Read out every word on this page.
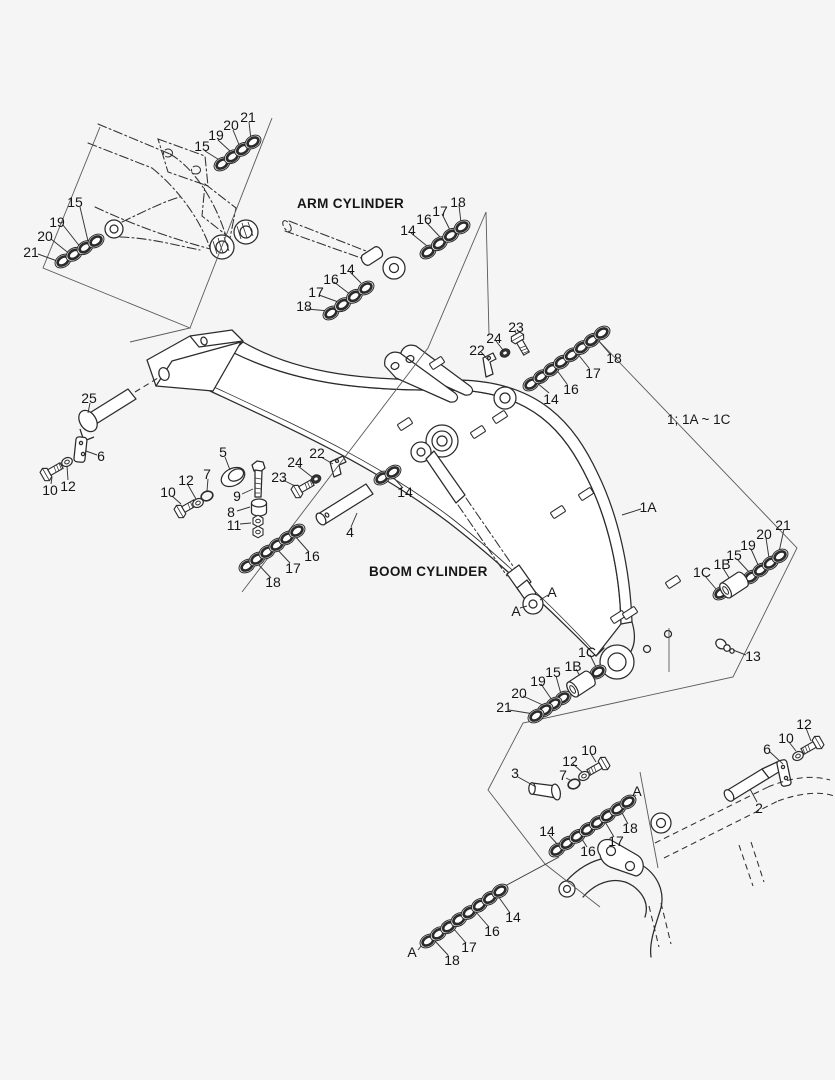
15
19
20 21
15
19
20
21
14
16 17
18
14
16
17
18
23
24
22
14
16
17
18
25
6
10 12
5
7
12
10	9
8
11
24
22
23
4
14
16
17
18
1A
A
A
1C 1B
15
19
20
21
13
1C
1B
15
19
20
21
10
12
7
3
A
14
16
17
18
12
10
6
2
A 18
17
16
14
ARM CYLINDER
BOOM CYLINDER
1; 1A ~ 1C
